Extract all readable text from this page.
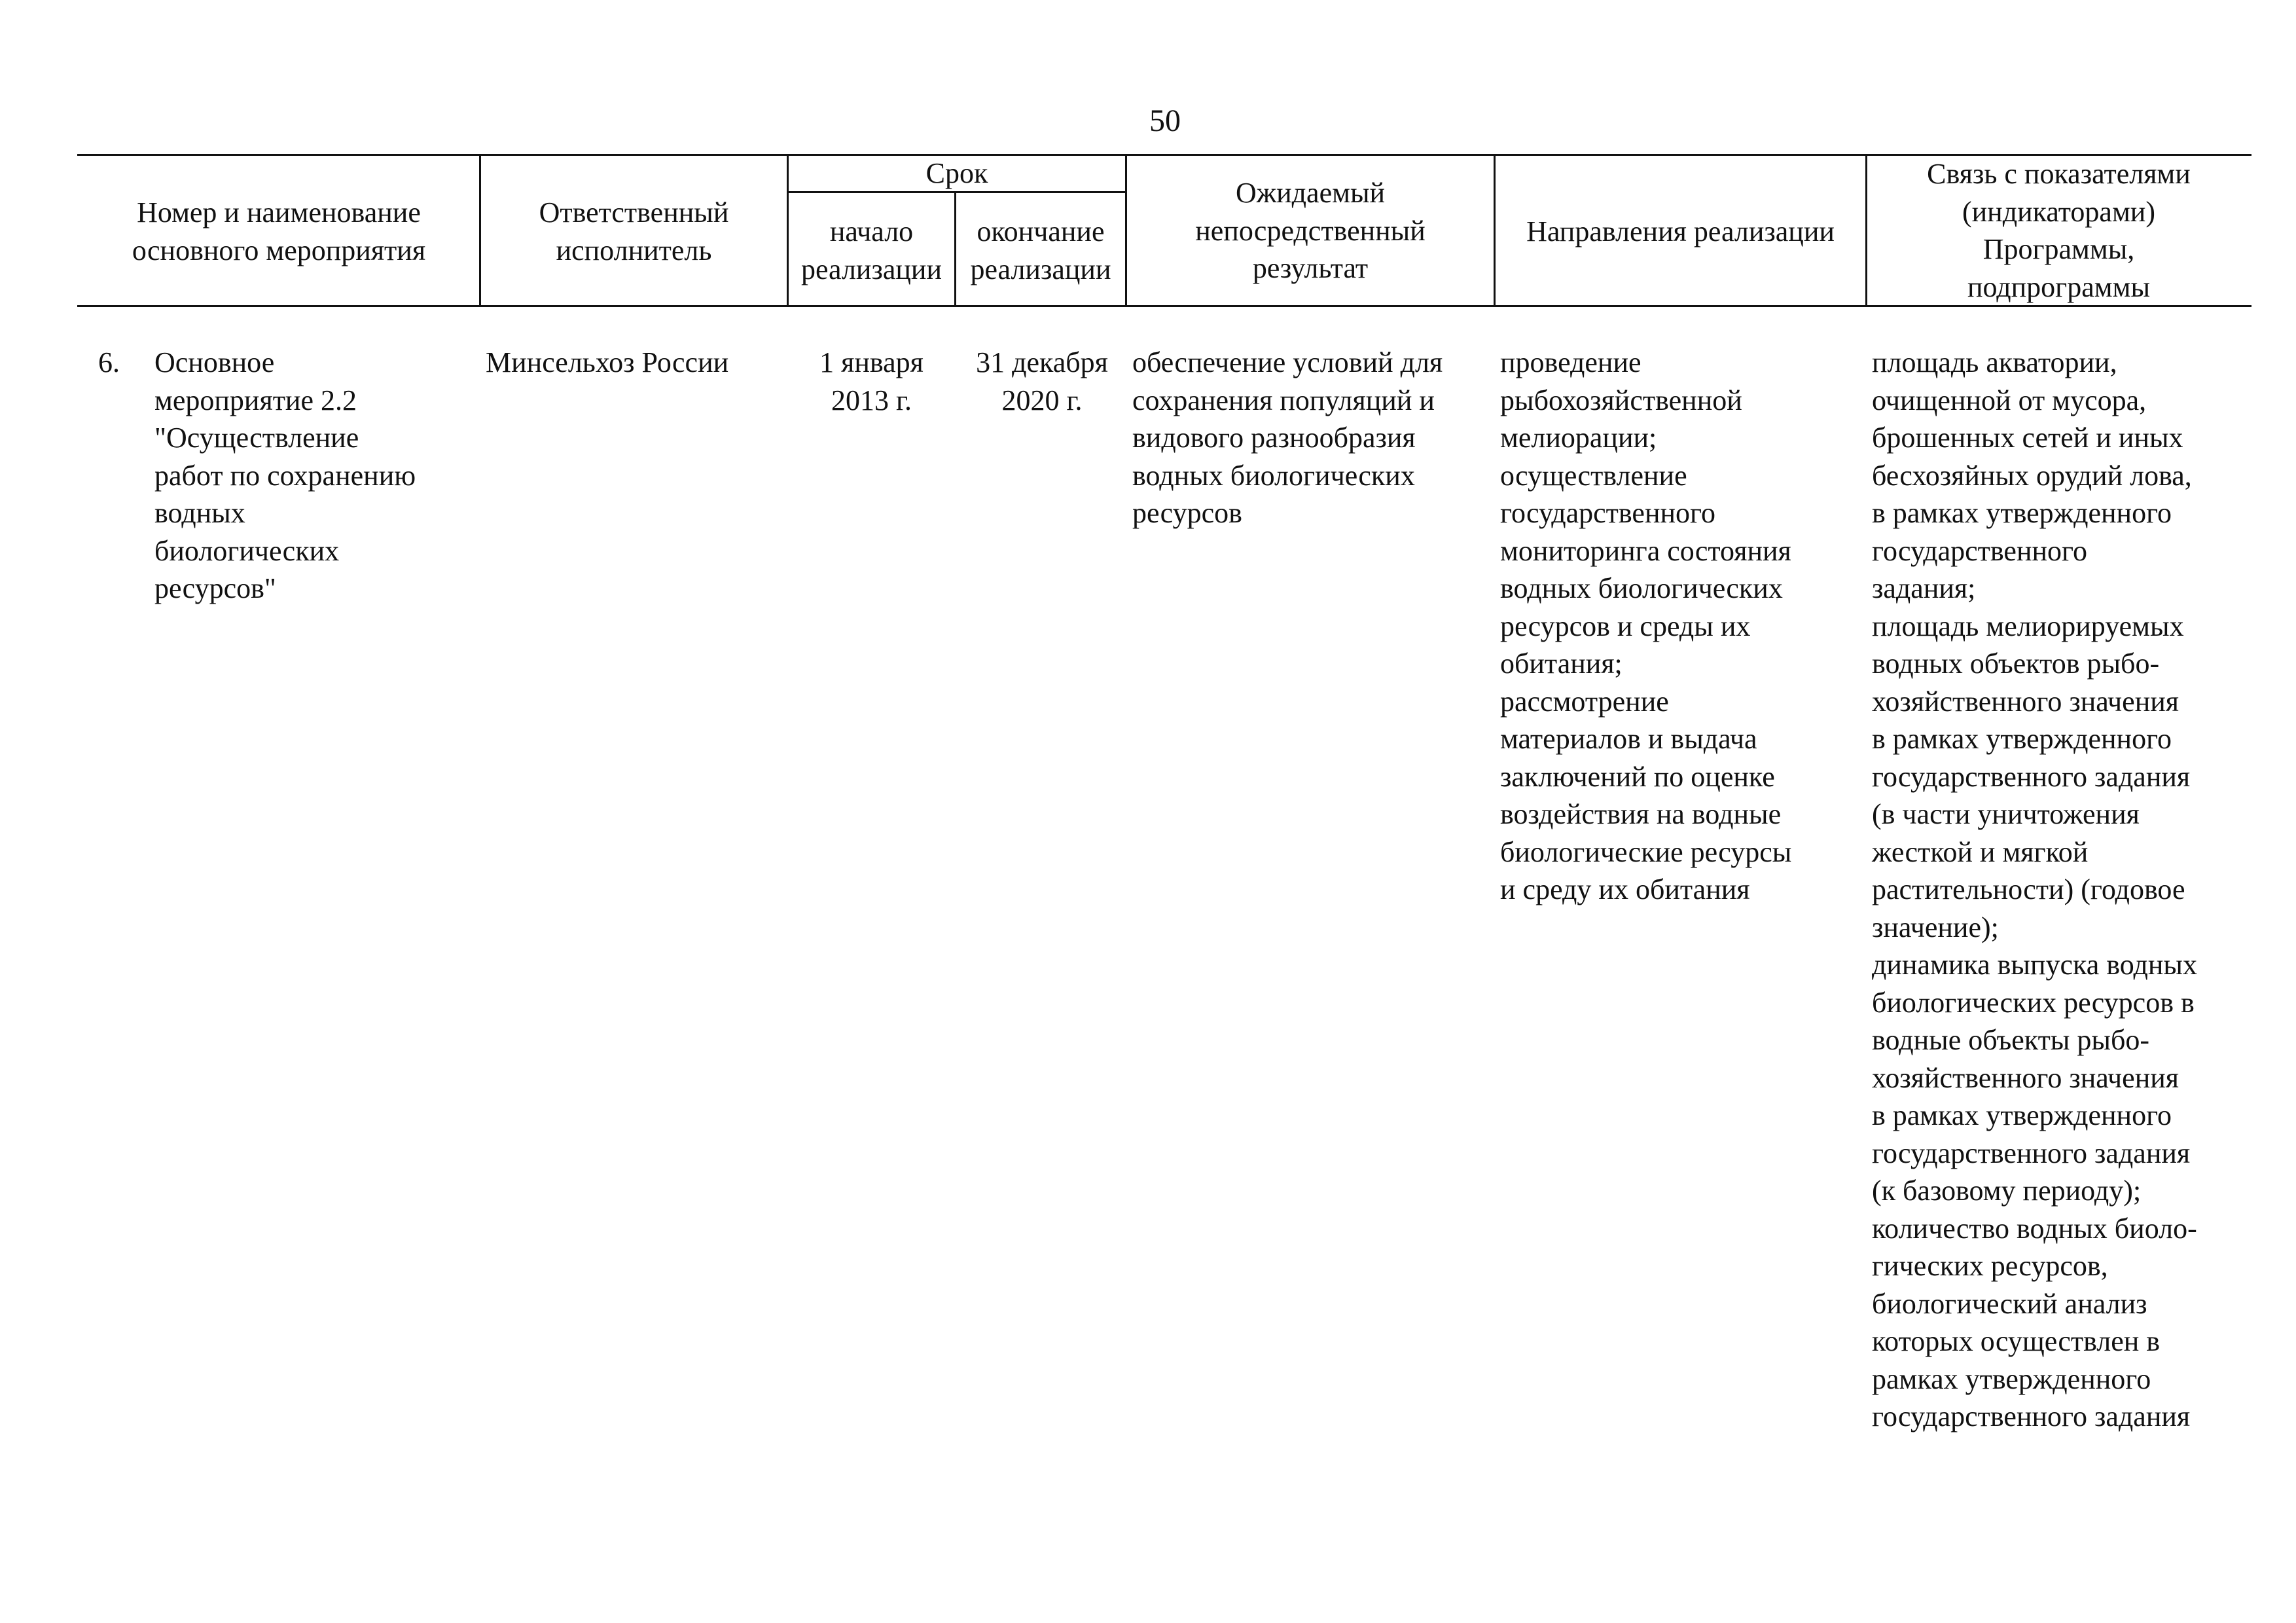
50
Номер и наименование
основного мероприятия
Ответственный
исполнитель
Срок
начало
реализации
окончание
реализации
Ожидаемый
непосредственный
результат
Направления реализации
Связь с показателями
(индикаторами)
Программы,
подпрограммы
6.	Основное
мероприятие 2.2
"Осуществление
работ по сохранению
водных
биологических
ресурсов"
Минсельхоз России	1 января
2013 г.
31 декабря
2020 г.
обеспечение условий для
сохранения популяций и
видового разнообразия
водных биологических
ресурсов
проведение
рыбохозяйственной
мелиорации;
осуществление
государственного
мониторинга состояния
водных биологических
ресурсов и среды их
обитания;
рассмотрение
материалов и выдача
заключений по оценке
воздействия на водные
биологические ресурсы
и среду их обитания
площадь акватории,
очищенной от мусора,
брошенных сетей и иных
бесхозяйных орудий лова,
в рамках утвержденного
государственного
задания;
площадь мелиорируемых
водных объектов рыбо-
хозяйственного значения
в рамках утвержденного
государственного задания
(в части уничтожения
жесткой и мягкой
растительности) (годовое
значение);
динамика выпуска водных
биологических ресурсов в
водные объекты рыбо-
хозяйственного значения
в рамках утвержденного
государственного задания
(к базовому периоду);
количество водных биоло-
гических ресурсов,
биологический анализ
которых осуществлен в
рамках утвержденного
государственного задания
